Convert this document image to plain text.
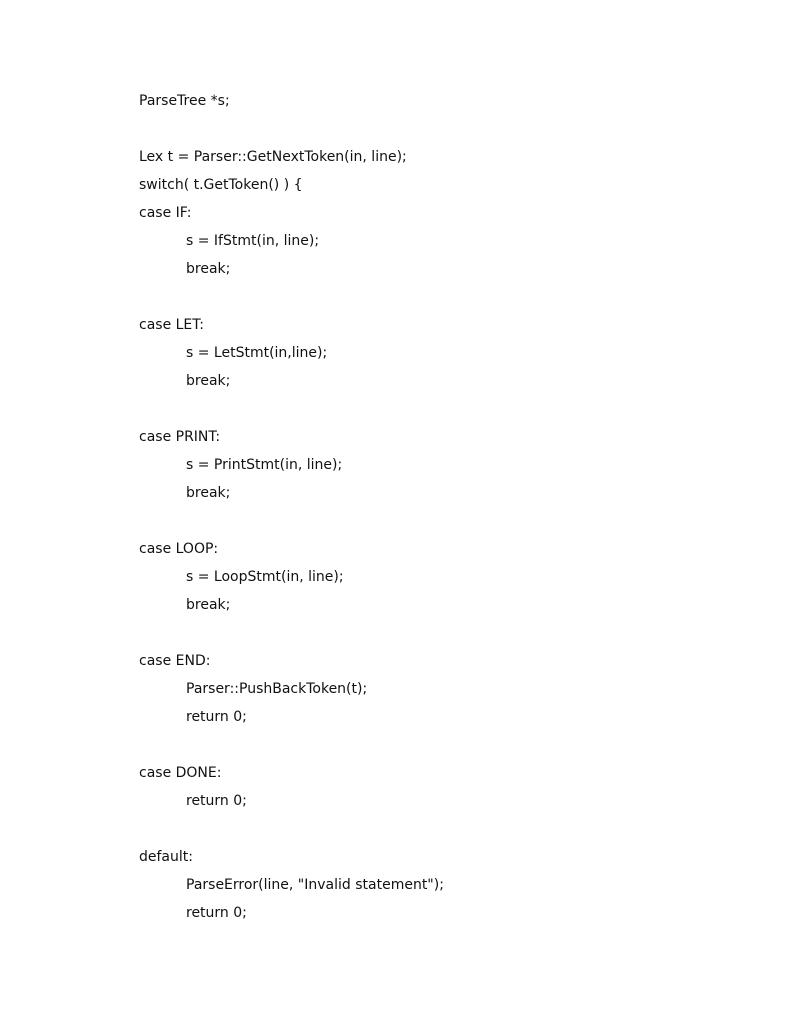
ParseTree *s;
Lex t = Parser::GetNextToken(in, line);
switch( t.GetToken() ) {
case IF:
s = IfStmt(in, line);
break;
case LET:
s = LetStmt(in,line);
break;
case PRINT:
s = PrintStmt(in, line);
break;
case LOOP:
s = LoopStmt(in, line);
break;
case END:
Parser::PushBackToken(t);
return 0;
case DONE:
return 0;
default:
ParseError(line, "Invalid statement");
return 0;
